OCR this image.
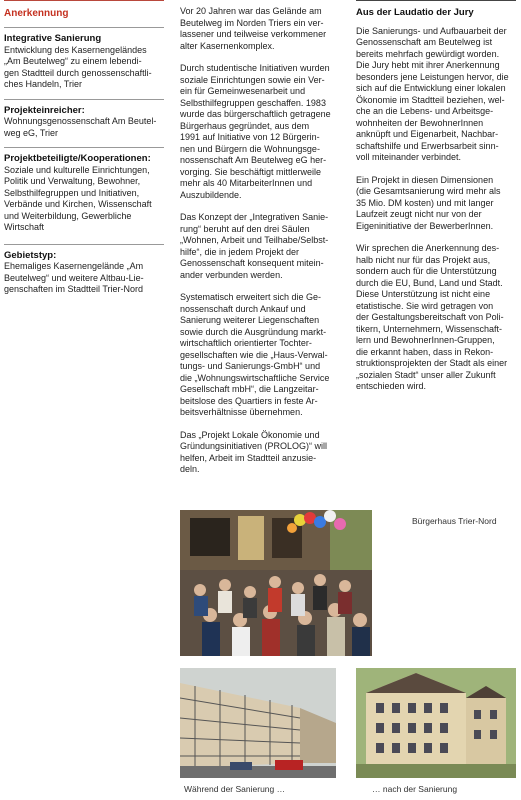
Anerkennung
Integrative Sanierung
Entwicklung des Kasernengeländes
„Am Beutelweg“ zu einem lebendi-
gen Stadtteil durch genossenschaftli-
ches Handeln, Trier
Projekteinreicher:
Wohnungsgenossenschaft Am Beutel-
weg eG, Trier
Projektbeteiligte/Kooperationen:
Soziale und kulturelle Einrichtungen,
Politik und Verwaltung, Bewohner,
Selbsthilfegruppen und Initiativen,
Verbände und Kirchen, Wissenschaft
und Weiterbildung, Gewerbliche
Wirtschaft
Gebietstyp:
Ehemaliges Kasernengelände „Am
Beutelweg“ und weitere Altbau-Lie-
genschaften im Stadtteil Trier-Nord
Vor 20 Jahren war das Gelände am
Beutelweg im Norden Triers ein ver-
lassener und teilweise verkommener
alter Kasernenkomplex.
Durch studentische Initiativen wurden
soziale Einrichtungen sowie ein Ver-
ein für Gemeinwesenarbeit und
Selbsthilfegruppen geschaffen. 1983
wurde das bürgerschaftlich getragene
Bürgerhaus gegründet, aus dem
1991 auf Initiative von 12 Bürgerin-
nen und Bürgern die Wohnungsge-
nossenschaft Am Beutelweg eG her-
vorging. Sie beschäftigt mittlerweile
mehr als 40 MitarbeiterInnen und
Auszubildende.
Das Konzept der „Integrativen Sanie-
rung“ beruht auf den drei Säulen
„Wohnen, Arbeit und Teilhabe/Selbst-
hilfe“, die in jedem Projekt der
Genossenschaft konsequent mitein-
ander verbunden werden.
Systematisch erweitert sich die Ge-
nossenschaft durch Ankauf und
Sanierung weiterer Liegenschaften
sowie durch die Ausgründung markt-
wirtschaftlich orientierter Tochter-
gesellschaften wie die „Haus-Verwal-
tungs- und Sanierungs-GmbH“ und
die „Wohnungswirtschaftliche Service
Gesellschaft mbH“, die Langzeitar-
beitslose des Quartiers in feste Ar-
beitsverhältnisse übernehmen.
Das „Projekt Lokale Ökonomie und
Gründungsinitiativen (PROLOG)“ will
helfen, Arbeit im Stadtteil anzusie-
deln.
Aus der Laudatio der Jury
Die Sanierungs- und Aufbauarbeit der
Genossenschaft am Beutelweg ist
bereits mehrfach gewürdigt worden.
Die Jury hebt mit ihrer Anerkennung
besonders jene Leistungen hervor, die
sich auf die Entwicklung einer lokalen
Ökonomie im Stadtteil beziehen, wel-
che an die Lebens- und Arbeitsge-
wohnheiten der BewohnerInnen
anknüpft und Eigenarbeit, Nachbar-
schaftshilfe und Erwerbsarbeit sinn-
voll miteinander verbindet.
Ein Projekt in diesen Dimensionen
(die Gesamtsanierung wird mehr als
35 Mio. DM kosten) und mit langer
Laufzeit zeugt nicht nur von der
Eigeninitiative der BewerberInnen.
Wir sprechen die Anerkennung des-
halb nicht nur für das Projekt aus,
sondern auch für die Unterstützung
durch die EU, Bund, Land und Stadt.
Diese Unterstützung ist nicht eine
etatistische. Sie wird getragen von
der Gestaltungsbereitschaft von Poli-
tikern, Unternehmern, Wissenschaft-
lern und BewohnerInnen-Gruppen,
die erkannt haben, dass in Rekon-
struktionsprojekten der Stadt als einer
„sozialen Stadt“ unser aller Zukunft
entschieden wird.
Bürgerhaus Trier-Nord
Während der Sanierung …	… nach der Sanierung
